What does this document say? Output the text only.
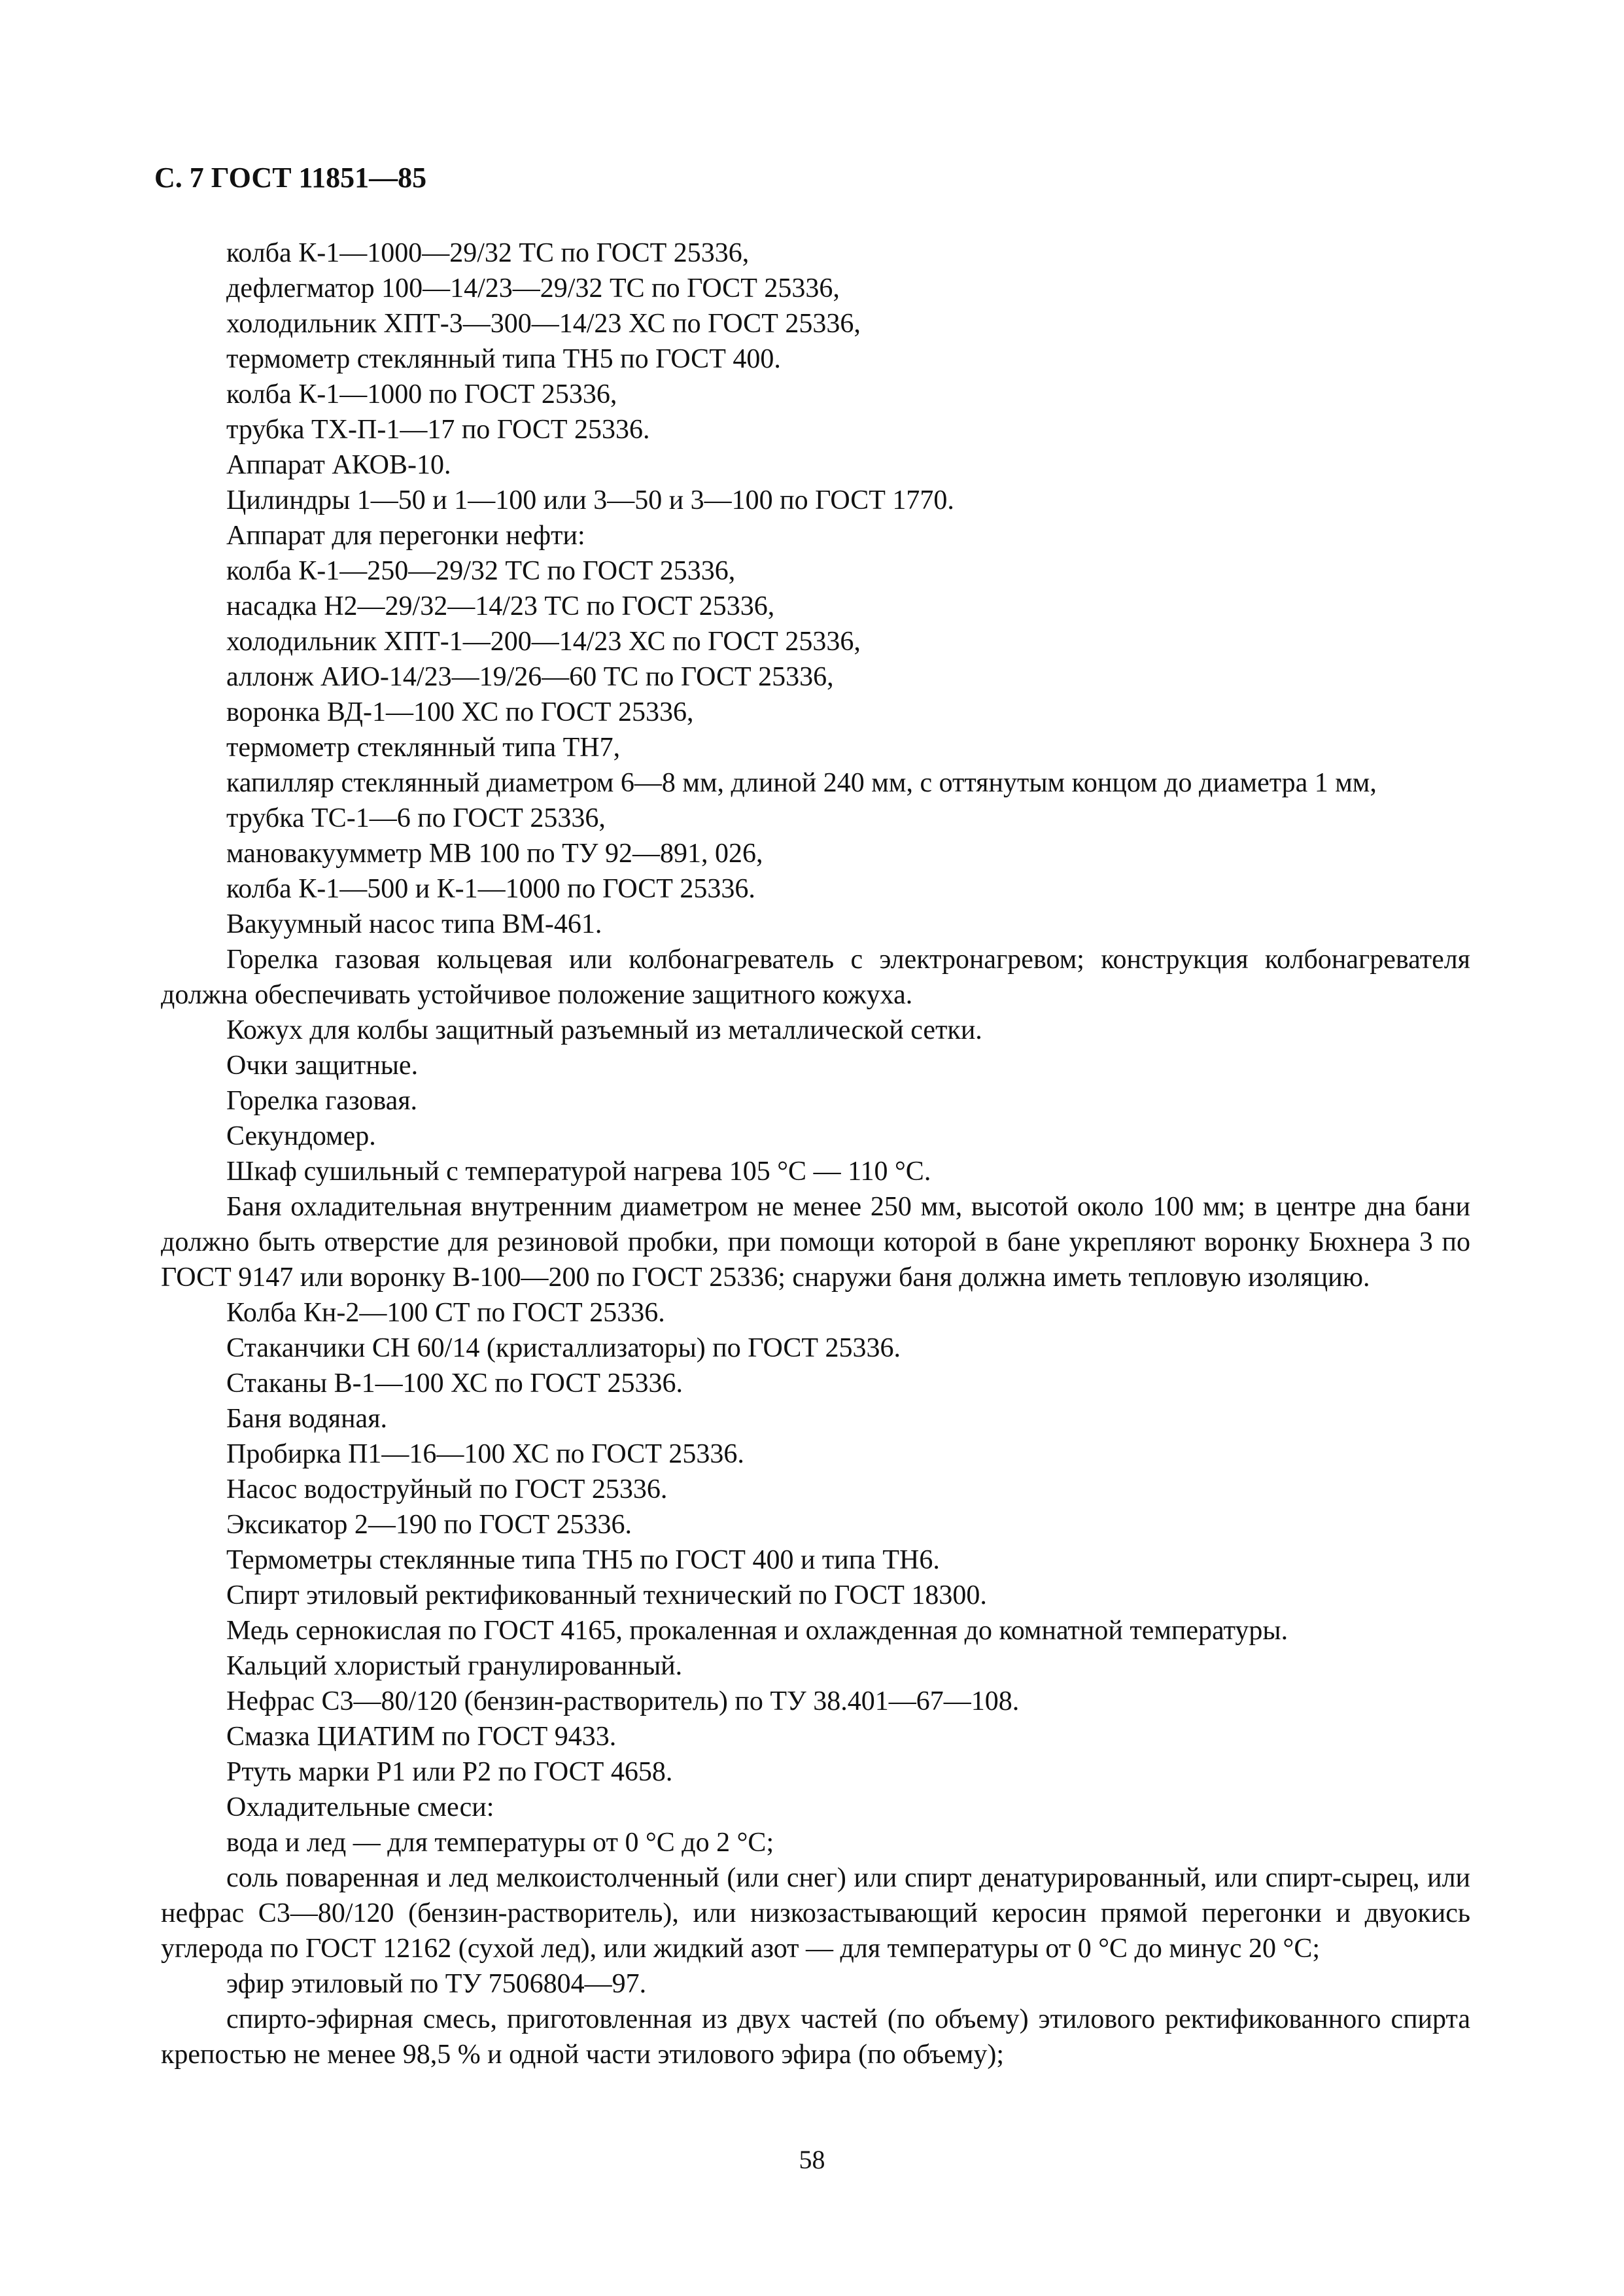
С. 7 ГОСТ 11851—85

колба К-1—1000—29/32 ТС по ГОСТ 25336,

дефлегматор 100—14/23—29/32 ТС по ГОСТ 25336,

холодильник ХПТ-3—300—14/23 ХС по ГОСТ 25336,

термометр стеклянный типа ТН5 по ГОСТ 400.

колба К-1—1000 по ГОСТ 25336,

трубка ТХ-П-1—17 по ГОСТ 25336.

Аппарат АКОВ-10.

Цилиндры 1—50 и 1—100 или 3—50 и 3—100 по ГОСТ 1770.

Аппарат для перегонки нефти:

колба К-1—250—29/32 ТС по ГОСТ 25336,

насадка Н2—29/32—14/23 ТС по ГОСТ 25336,

холодильник ХПТ-1—200—14/23 ХС по ГОСТ 25336,

аллонж АИО-14/23—19/26—60 ТС по ГОСТ 25336,

воронка ВД-1—100 ХС по ГОСТ 25336,

термометр стеклянный типа ТН7,

капилляр стеклянный диаметром 6—8 мм, длиной 240 мм, с оттянутым концом до диаметра 1 мм,

трубка ТС-1—6 по ГОСТ 25336,

мановакуумметр МВ 100 по ТУ 92—891, 026,

колба К-1—500 и К-1—1000 по ГОСТ 25336.

Вакуумный насос типа ВМ-461.

Горелка газовая кольцевая или колбонагреватель с электронагревом; конструкция колбонагревателя должна обеспечивать устойчивое положение защитного кожуха.

Кожух для колбы защитный разъемный из металлической сетки.

Очки защитные.

Горелка газовая.

Секундомер.

Шкаф сушильный с температурой нагрева 105 °С — 110 °С.

Баня охладительная внутренним диаметром не менее 250 мм, высотой около 100 мм; в центре дна бани должно быть отверстие для резиновой пробки, при помощи которой в бане укрепляют воронку Бюхнера 3 по ГОСТ 9147 или воронку В-100—200 по ГОСТ 25336; снаружи баня должна иметь тепловую изоляцию.

Колба Кн-2—100 СТ по ГОСТ 25336.

Стаканчики СН 60/14 (кристаллизаторы) по ГОСТ 25336.

Стаканы В-1—100 ХС по ГОСТ 25336.

Баня водяная.

Пробирка П1—16—100 ХС по ГОСТ 25336.

Насос водоструйный по ГОСТ 25336.

Эксикатор 2—190 по ГОСТ 25336.

Термометры стеклянные типа ТН5 по ГОСТ 400 и типа ТН6.

Спирт этиловый ректификованный технический по ГОСТ 18300.

Медь сернокислая по ГОСТ 4165, прокаленная и охлажденная до комнатной температуры.

Кальций хлористый гранулированный.

Нефрас С3—80/120 (бензин-растворитель) по ТУ 38.401—67—108.

Смазка ЦИАТИМ по ГОСТ 9433.

Ртуть марки Р1 или Р2 по ГОСТ 4658.

Охладительные смеси:

вода и лед — для температуры от 0 °С до 2 °С;

соль поваренная и лед мелкоистолченный (или снег) или спирт денатурированный, или спирт-сырец, или нефрас С3—80/120 (бензин-растворитель), или низкозастывающий керосин прямой перегонки и двуокись углерода по ГОСТ 12162 (сухой лед), или жидкий азот — для температуры от 0 °С до минус 20 °С;

эфир этиловый по ТУ 7506804—97.

спирто-эфирная смесь, приготовленная из двух частей (по объему) этилового ректификованного спирта крепостью не менее 98,5 % и одной части этилового эфира (по объему);

58
